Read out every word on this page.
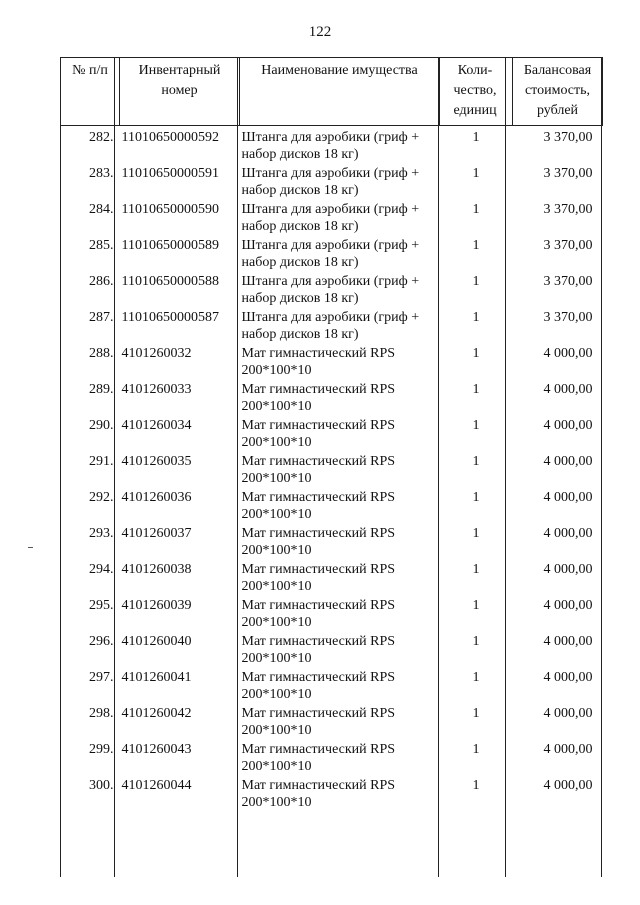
122
№ п/п	Инвентарный номер	Наименование имущества	Коли-чество, единиц	Балансовая стоимость, рублей
282.	11010650000592	Штанга для аэробики (гриф + набор дисков 18 кг)	1	3 370,00
283.	11010650000591	Штанга для аэробики (гриф + набор дисков 18 кг)	1	3 370,00
284.	11010650000590	Штанга для аэробики (гриф + набор дисков 18 кг)	1	3 370,00
285.	11010650000589	Штанга для аэробики (гриф + набор дисков 18 кг)	1	3 370,00
286.	11010650000588	Штанга для аэробики (гриф + набор дисков 18 кг)	1	3 370,00
287.	11010650000587	Штанга для аэробики (гриф + набор дисков 18 кг)	1	3 370,00
288.	4101260032	Мат гимнастический RPS 200*100*10	1	4 000,00
289.	4101260033	Мат гимнастический RPS 200*100*10	1	4 000,00
290.	4101260034	Мат гимнастический RPS 200*100*10	1	4 000,00
291.	4101260035	Мат гимнастический RPS 200*100*10	1	4 000,00
292.	4101260036	Мат гимнастический RPS 200*100*10	1	4 000,00
293.	4101260037	Мат гимнастический RPS 200*100*10	1	4 000,00
294.	4101260038	Мат гимнастический RPS 200*100*10	1	4 000,00
295.	4101260039	Мат гимнастический RPS 200*100*10	1	4 000,00
296.	4101260040	Мат гимнастический RPS 200*100*10	1	4 000,00
297.	4101260041	Мат гимнастический RPS 200*100*10	1	4 000,00
298.	4101260042	Мат гимнастический RPS 200*100*10	1	4 000,00
299.	4101260043	Мат гимнастический RPS 200*100*10	1	4 000,00
300.	4101260044	Мат гимнастический RPS 200*100*10	1	4 000,00
